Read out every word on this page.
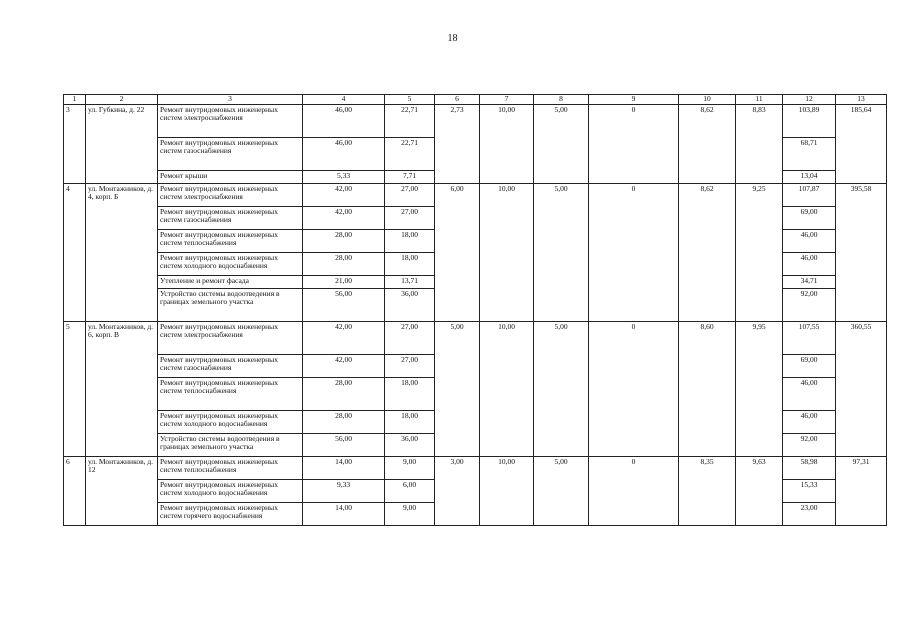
18
1	2	3	4	5	6	7	8	9	10	11	12	13
3	ул. Губкина, д. 22	Ремонт внутридомовых инженерных систем электроснабжения	46,00	22,71	2,73	10,00	5,00	0	8,62	8,83	103,89	185,64
		Ремонт внутридомовых инженерных систем газоснабжения	46,00	22,71							68,71	
		Ремонт крыши	5,33	7,71							13,04	
4	ул. Монтажников, д. 4, корп. Б	Ремонт внутридомовых инженерных систем электроснабжения	42,00	27,00	6,00	10,00	5,00	0	8,62	9,25	107,87	395,58
		Ремонт внутридомовых инженерных систем газоснабжения	42,00	27,00							69,00	
		Ремонт внутридомовых инженерных систем теплоснабжения	28,00	18,00							46,00	
		Ремонт внутридомовых инженерных систем холодного водоснабжения	28,00	18,00							46,00	
		Утепление и ремонт фасада	21,00	13,71							34,71	
		Устройство системы водоотведения в границах земельного участка	56,00	36,00							92,00	
5	ул. Монтажников, д. 6, корп. В	Ремонт внутридомовых инженерных систем электроснабжения	42,00	27,00	5,00	10,00	5,00	0	8,60	9,95	107,55	360,55
		Ремонт внутридомовых инженерных систем газоснабжения	42,00	27,00							69,00	
		Ремонт внутридомовых инженерных систем теплоснабжения	28,00	18,00							46,00	
		Ремонт внутридомовых инженерных систем холодного водоснабжения	28,00	18,00							46,00	
		Устройство системы водоотведения в границах земельного участка	56,00	36,00							92,00	
6	ул. Монтажников, д. 12	Ремонт внутридомовых инженерных систем теплоснабжения	14,00	9,00	3,00	10,00	5,00	0	8,35	9,63	58,98	97,31
		Ремонт внутридомовых инженерных систем холодного водоснабжения	9,33	6,00							15,33	
		Ремонт внутридомовых инженерных систем горячего водоснабжения	14,00	9,00							23,00	
